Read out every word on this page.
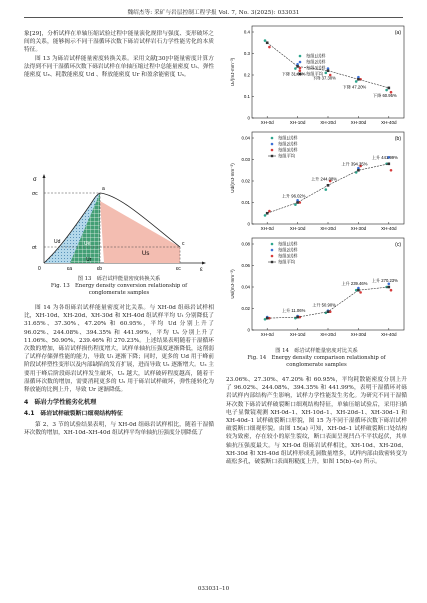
魏绍杰等: 采矿与岩层控制工程学报 Vol. 7, No. 3(2025): 033031

象[29]，分析试样在单轴压缩试验过程中能量演化规律与强度、变形破坏之间的关系，能够揭示不同干湿循环次数下砾岩试样岩石力学性能劣化的本质特征。

图 13 为砾岩试样能量密度转换关系。采用文献[30]中能量密度计算方法得到不同干湿循环次数下砾岩试样在单轴压缩过程中总能量密度 Uₜ、弹性能密度 Uₑ、耗散能密度 Ud 、释放能密度 Ur 和盈余能密度 Uₛ。

σ
ε
0
σc
σt
εa	εb	εc
a
c
Us
Ud	Ue
Ur
图 13　砾岩试样能量密度转换关系
Fig. 13　Energy density conversion relationship of
conglomerate samples

图 14 为各组砾岩试样能量密度对比关系。与 XH-0d 组砾岩试样相比，XH-10d、XH-20d、XH-30d 和 XH-40d 组试样平均 Uₜ 分别降低了 31.65%、37.30%、47.20% 和 60.95%，平均 Ud 分别上升了 96.02%、244.08%、394.35% 和 441.99%，平均 Uₛ 分别上升了 11.06%、50.90%、239.46% 和 270.23%。上述结果表明随着干湿循环次数的增加，砾岩试样损伤程度增大，试样单轴抗压强度逐渐降低，这削弱了试样存储弹性能的能力，导致 Uₜ 逐渐下降；同时，更多的 Ud 用于峰前阶段试样塑性变形以及内部缺陷的发育扩展，进而导致 Uₛ 逐渐增大。Uₛ 主要用于峰后阶段砾岩试样发生破坏，Uₛ 越大，试样破碎程度越高，随着干湿循环次数的增加，需要消耗更多的 Uₛ 用于砾岩试样破坏，弹性能转化为释放能的比例上升，导致 Ur 逐渐降低。

4　砾岩力学性能劣化机理
4.1　砾岩试样破裂断口细观结构特征

第 2、3 节的试验结果表明，与 XH-0d 组砾岩试样相比，随着干湿循环次数的增加，XH-10d–XH-40d 组试样平均单轴抗压强度分别降低了

0
0.1
0.2
0.3
0.4
Uₜ/(mJ·mm⁻³)
XH-0d	XH-10d	XH-20d	XH-30d	XH-40d
(a)
每组1试样
每组2试样
每组3试样
每组平均
下降 31.65%
下降 37.30%
下降 47.20%
下降 60.95%
0
0.01
0.02
0.03
0.04
Ud/(mJ·mm⁻³)
XH-0d	XH-10d	XH-20d	XH-30d	XH-40d
(b)
每组1试样
每组2试样
每组3试样
每组平均
上升 96.02%
上升 244.08%
上升 394.35%
上升 441.99%
0
0.02
0.04
0.06
0.08
Us/(mJ·mm⁻³)
XH-0d	XH-10d	XH-20d	XH-30d	XH-40d
(c)
每组1试样
每组2试样
每组3试样
每组平均
上升 11.06%
上升 50.90%
上升 239.46%
上升 270.23%
图 14　砾岩试样能量密度对比关系
Fig. 14　Energy density comparison relationship of
conglomerate samples

23.06%、27.30%、47.20% 和 60.95%，平均耗散能密度分别上升了 96.02%、244.08%、394.35% 和 441.99%，表明干湿循环对砾岩试样内部结构产生影响，试样力学性能发生劣化。为研究不同干湿循环次数下砾岩试样破裂断口细观结构特征，单轴压缩试验后，采用扫描电子显微镜观测 XH-0d–1、XH-10d–1、XH-20d–1、XH-30d–1 和 XH-40d–1 试样破裂断口形貌，图 15 为不同干湿循环次数下砾岩试样破裂断口细观形貌。由图 15(a) 可知，XH-0d–1 试样破裂断口处结构较为致密，存在较小的原生裂纹，断口表面呈现凹凸不平状起伏，其单轴抗压强度最大。与 XH-0d 组砾岩试样相比，XH-10d、XH-20d、XH-30d 和 XH-40d 组试样形成孔洞数量增多，试样内部由致密转变为疏松多孔，破裂断口表面粗糙度上升，如图 15(b)–(e) 所示。

033031–10
